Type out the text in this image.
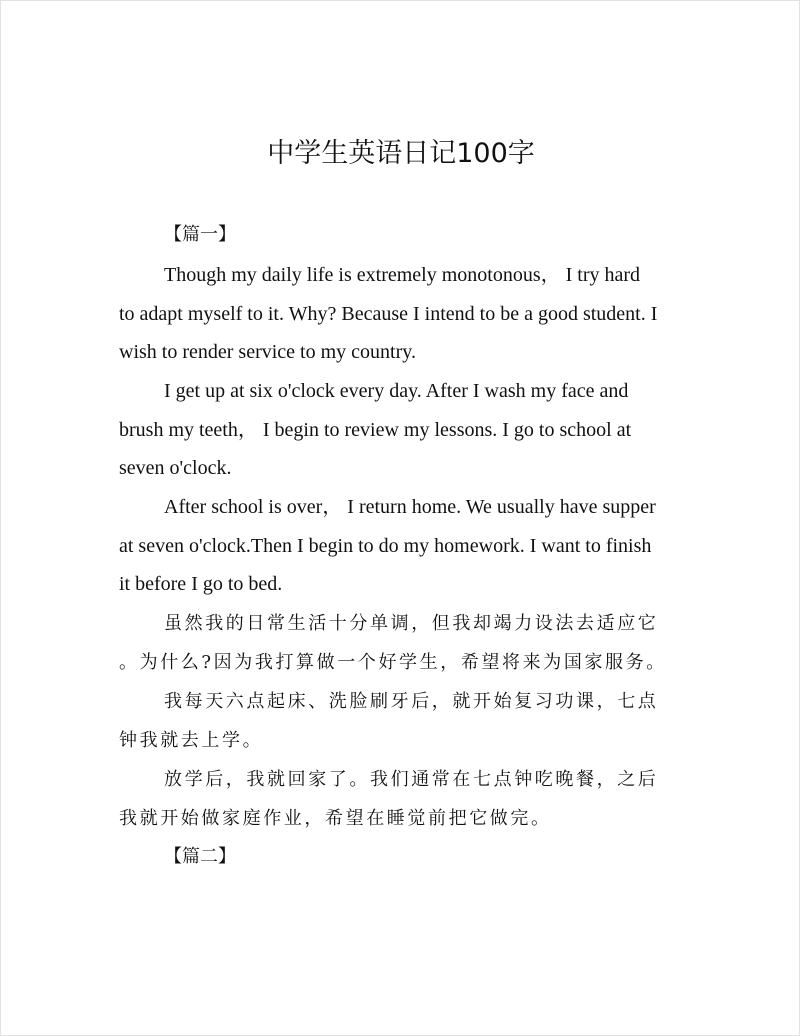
中学生英语日记100字
【篇一】
Though my daily life is extremely monotonous， I try hard
to adapt myself to it. Why? Because I intend to be a good student. I
wish to render service to my country.
I get up at six o'clock every day. After I wash my face and
brush my teeth， I begin to review my lessons. I go to school at
seven o'clock.
After school is over， I return home. We usually have supper
at seven o'clock.Then I begin to do my homework. I want to finish
it before I go to bed.
虽然我的日常生活十分单调，但我却竭力设法去适应它
。为什么?因为我打算做一个好学生，希望将来为国家服务。
我每天六点起床、洗脸刷牙后，就开始复习功课，七点
钟我就去上学。
放学后，我就回家了。我们通常在七点钟吃晚餐，之后
我就开始做家庭作业，希望在睡觉前把它做完。
【篇二】
